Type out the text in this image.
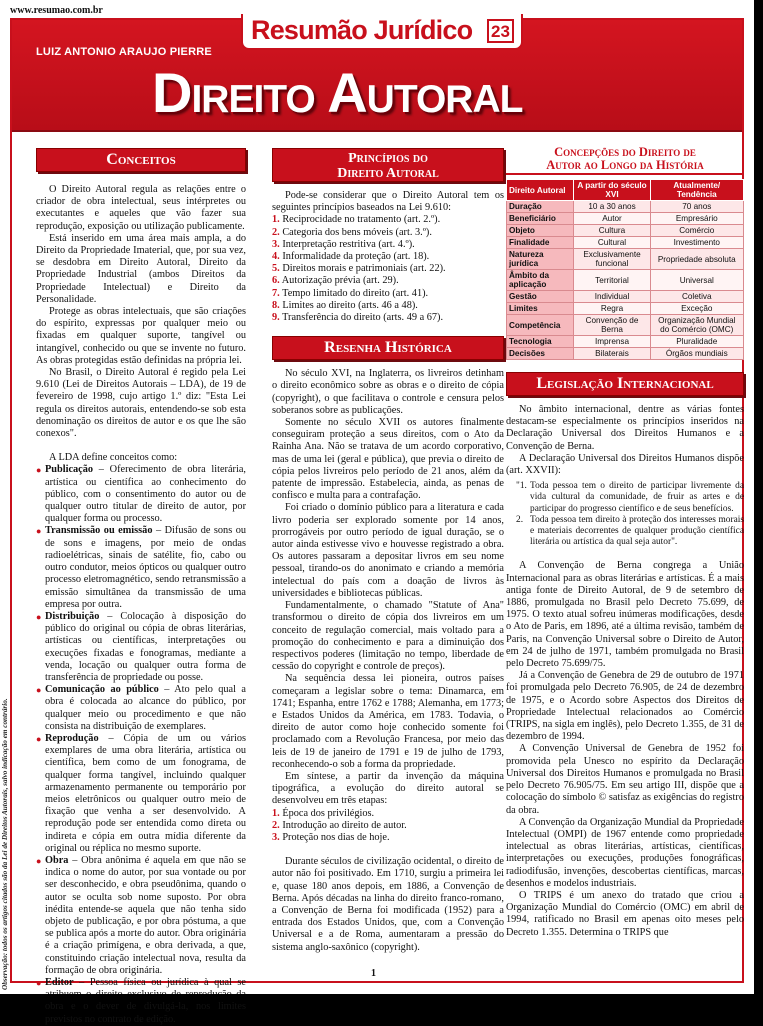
www.resumao.com.br
Resumão Jurídico 23
LUIZ ANTONIO ARAUJO PIERRE
Direito Autoral
Observação: todos os artigos citados são da Lei de Direitos Autorais, salvo indicação em contrário.
Conceitos

O Direito Autoral regula as relações entre o criador de obra intelectual, seus intérpretes ou executantes e aqueles que vão fazer sua reprodução, exposição ou utilização publicamente.

Está inserido em uma área mais ampla, a do Direito da Propriedade Imaterial, que, por sua vez, se desdobra em Direito Autoral, Direito da Propriedade Industrial (ambos Direitos da Propriedade Intelectual) e Direito da Personalidade.

Protege as obras intelectuais, que são criações do espírito, expressas por qualquer meio ou fixadas em qualquer suporte, tangível ou intangível, conhecido ou que se invente no futuro. As obras protegidas estão definidas na própria lei.

No Brasil, o Direito Autoral é regido pela Lei 9.610 (Lei de Direitos Autorais – LDA), de 19 de fevereiro de 1998, cujo artigo 1.º diz: "Esta Lei regula os direitos autorais, entendendo-se sob esta denominação os direitos de autor e os que lhe são conexos".

A LDA define conceitos como:

● Publicação – Oferecimento de obra literária, artística ou científica ao conhecimento do público, com o consentimento do autor ou de qualquer outro titular de direito de autor, por qualquer forma ou processo.

● Transmissão ou emissão – Difusão de sons ou de sons e imagens, por meio de ondas radioelétricas, sinais de satélite, fio, cabo ou outro condutor, meios ópticos ou qualquer outro processo eletromagnético, sendo retransmissão a emissão simultânea da transmissão de uma empresa por outra.

● Distribuição – Colocação à disposição do público do original ou cópia de obras literárias, artísticas ou científicas, interpretações ou execuções fixadas e fonogramas, mediante a venda, locação ou qualquer outra forma de transferência de propriedade ou posse.

● Comunicação ao público – Ato pelo qual a obra é colocada ao alcance do público, por qualquer meio ou procedimento e que não consista na distribuição de exemplares.

● Reprodução – Cópia de um ou vários exemplares de uma obra literária, artística ou científica, bem como de um fonograma, de qualquer forma tangível, incluindo qualquer armazenamento permanente ou temporário por meios eletrônicos ou qualquer outro meio de fixação que venha a ser desenvolvido. A reprodução pode ser entendida como direta ou indireta e cópia em outra mídia diferente da original ou réplica no mesmo suporte.

● Obra – Obra anônima é aquela em que não se indica o nome do autor, por sua vontade ou por ser desconhecido, e obra pseudônima, quando o autor se oculta sob nome suposto. Por obra inédita entende-se aquela que não tenha sido objeto de publicação, e por obra póstuma, a que se publica após a morte do autor. Obra originária é a criação primígena, e obra derivada, a que, constituindo criação intelectual nova, resulta da formação de obra originária.

● Editor – Pessoa física ou jurídica à qual se obra e o dever de divulgá-la, nos limites previstos no contrato de edição.

Princípios do
Direito Autoral

Pode-se considerar que o Direito Autoral tem os seguintes princípios baseados na Lei 9.610:

1. Reciprocidade no tratamento (art. 2.º).
2. Categoria dos bens móveis (art. 3.º).
3. Interpretação restritiva (art. 4.º).
4. Informalidade da proteção (art. 18).
5. Direitos morais e patrimoniais (art. 22).
6. Autorização prévia (art. 29).
7. Tempo limitado do direito (art. 41).
8. Limites ao direito (arts. 46 a 48).
9. Transferência do direito (arts. 49 a 67).
Resenha Histórica

No século XVI, na Inglaterra, os livreiros detinham o direito econômico sobre as obras e o direito de cópia (copyright), o que facilitava o controle e censura pelos soberanos sobre as publicações.

Somente no século XVII os autores finalmente conseguiram proteção a seus direitos, com o Ato da Rainha Ana. Não se tratava de um acordo corporativo, mas de uma lei (geral e pública), que previa o direito de cópia pelos livreiros pelo período de 21 anos, além da patente de impressão. Estabelecia, ainda, as penas de confisco e multa para a contrafação.

Foi criado o domínio público para a literatura e cada livro poderia ser explorado somente por 14 anos, prorrogáveis por outro período de igual duração, se o autor ainda estivesse vivo e houvesse registrado a obra. Os autores passaram a depositar livros em seu nome pessoal, tirando-os do anonimato e criando a memória intelectual do país com a doação de livros às universidades e bibliotecas públicas.

Fundamentalmente, o chamado "Statute of Ana" transformou o direito de cópia dos livreiros em um conceito de regulação comercial, mais voltado para a promoção do conhecimento e para a diminuição dos respectivos poderes (limitação no tempo, liberdade de cessão do copyright e controle de preços).

Na sequência dessa lei pioneira, outros países começaram a legislar sobre o tema: Dinamarca, em 1741; Espanha, entre 1762 e 1788; Alemanha, em 1773; e Estados Unidos da América, em 1783. Todavia, o direito de autor como hoje conhecido somente foi proclamado com a Revolução Francesa, por meio das leis de 19 de janeiro de 1791 e 19 de julho de 1793, reconhecendo-o sob a forma da propriedade.

Em síntese, a partir da invenção da máquina tipográfica, a evolução do direito autoral se desenvolveu em três etapas:

1. Época dos privilégios.
2. Introdução ao direito de autor.
3. Proteção nos dias de hoje.

Durante séculos de civilização ocidental, o direito de autor não foi positivado. Em 1710, surgiu a primeira lei e, quase 180 anos depois, em 1886, a Convenção de Berna. Após décadas na linha do direito franco-romano, a Convenção de Berna foi modificada (1952) para a entrada dos Estados Unidos, que, com a Convenção Universal e a de Roma, aumentaram a pressão do sistema anglo-saxônico (copyright).

Concepções do Direito de
Autor ao Longo da História
Direito Autoral	A partir do século XVI	Atualmente/ Tendência
Duração	10 a 30 anos	70 anos
Beneficiário	Autor	Empresário
Objeto	Cultura	Comércio
Finalidade	Cultural	Investimento
Natureza jurídica	Exclusivamente funcional	Propriedade absoluta
Âmbito da aplicação	Territorial	Universal
Gestão	Individual	Coletiva
Limites	Regra	Exceção
Competência	Convenção de Berna	Organização Mundial do Comércio (OMC)
Tecnologia	Imprensa	Pluralidade
Decisões	Bilaterais	Órgãos mundiais
Legislação Internacional

No âmbito internacional, dentre as várias fontes destacam-se especialmente os princípios inseridos na Declaração Universal dos Direitos Humanos e a Convenção de Berna.

A Declaração Universal dos Direitos Humanos dispõe (art. XXVII):

"1. Toda pessoa tem o direito de participar livremente da vida cultural da comunidade, de fruir as artes e de participar do progresso científico e de seus benefícios.

2. Toda pessoa tem direito à proteção dos interesses morais e materiais decorrentes de qualquer produção científica literária ou artística da qual seja autor".

A Convenção de Berna congrega a União Internacional para as obras literárias e artísticas. É a mais antiga fonte de Direito Autoral, de 9 de setembro de 1886, promulgada no Brasil pelo Decreto 75.699, de 1975. O texto atual sofreu inúmeras modificações, desde o Ato de Paris, em 1896, até a última revisão, também de Paris, na Convenção Universal sobre o Direito de Autor, em 24 de julho de 1971, também promulgada no Brasil pelo Decreto 75.699/75.

Já a Convenção de Genebra de 29 de outubro de 1971 foi promulgada pelo Decreto 76.905, de 24 de dezembro de 1975, e o Acordo sobre Aspectos dos Direitos de Propriedade Intelectual relacionados ao Comércio (TRIPS, na sigla em inglês), pelo Decreto 1.355, de 31 de dezembro de 1994.

A Convenção Universal de Genebra de 1952 foi promovida pela Unesco no espírito da Declaração Universal dos Direitos Humanos e promulgada no Brasil pelo Decreto 76.905/75. Em seu artigo III, dispõe que a colocação do símbolo © satisfaz as exigências do registro da obra.

A Convenção da Organização Mundial da Propriedade Intelectual (OMPI) de 1967 entende como propriedade intelectual as obras literárias, artísticas, científicas, interpretações ou execuções, produções fonográficas, radiodifusão, invenções, descobertas científicas, marcas, desenhos e modelos industriais.

O TRIPS é um anexo do tratado que criou a Organização Mundial do Comércio (OMC) em abril de 1994, ratificado no Brasil em apenas oito meses pelo Decreto 1.355. Determina o TRIPS que

1
